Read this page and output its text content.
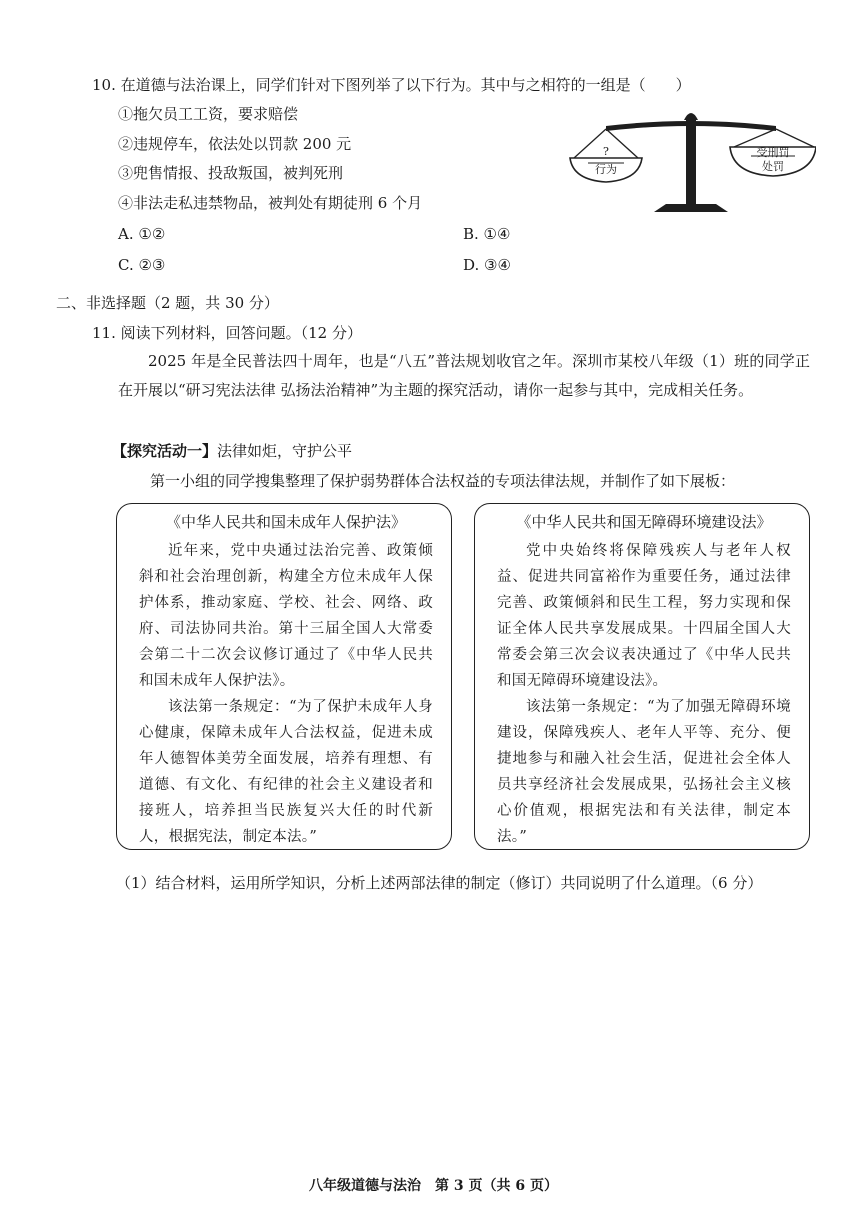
10. 在道德与法治课上，同学们针对下图列举了以下行为。其中与之相符的一组是（　　）
①拖欠员工工资，要求赔偿
②违规停车，依法处以罚款 200 元
③兜售情报、投敌叛国，被判死刑
④非法走私违禁物品，被判处有期徒刑 6 个月
A. ①②	B. ①④
C. ②③	D. ③④
?
行为
受刑罚
处罚
二、非选择题（2 题，共 30 分）
11. 阅读下列材料，回答问题。（12 分）
2025 年是全民普法四十周年，也是“八五”普法规划收官之年。深圳市某校八年级（1）班的同学正在开展以“研习宪法法律 弘扬法治精神”为主题的探究活动，请你一起参与其中，完成相关任务。
【探究活动一】法律如炬，守护公平
第一小组的同学搜集整理了保护弱势群体合法权益的专项法律法规，并制作了如下展板：
《中华人民共和国未成年人保护法》

近年来，党中央通过法治完善、政策倾斜和社会治理创新，构建全方位未成年人保护体系，推动家庭、学校、社会、网络、政府、司法协同共治。第十三届全国人大常委会第二十二次会议修订通过了《中华人民共和国未成年人保护法》。

该法第一条规定：“为了保护未成年人身心健康，保障未成年人合法权益，促进未成年人德智体美劳全面发展，培养有理想、有道德、有文化、有纪律的社会主义建设者和接班人，培养担当民族复兴大任的时代新人，根据宪法，制定本法。”

《中华人民共和国无障碍环境建设法》

党中央始终将保障残疾人与老年人权益、促进共同富裕作为重要任务，通过法律完善、政策倾斜和民生工程，努力实现和保证全体人民共享发展成果。十四届全国人大常委会第三次会议表决通过了《中华人民共和国无障碍环境建设法》。

该法第一条规定：“为了加强无障碍环境建设，保障残疾人、老年人平等、充分、便捷地参与和融入社会生活，促进社会全体人员共享经济社会发展成果，弘扬社会主义核心价值观，根据宪法和有关法律，制定本法。”

（1）结合材料，运用所学知识，分析上述两部法律的制定（修订）共同说明了什么道理。（6 分）
八年级道德与法治　第 3 页（共 6 页）
